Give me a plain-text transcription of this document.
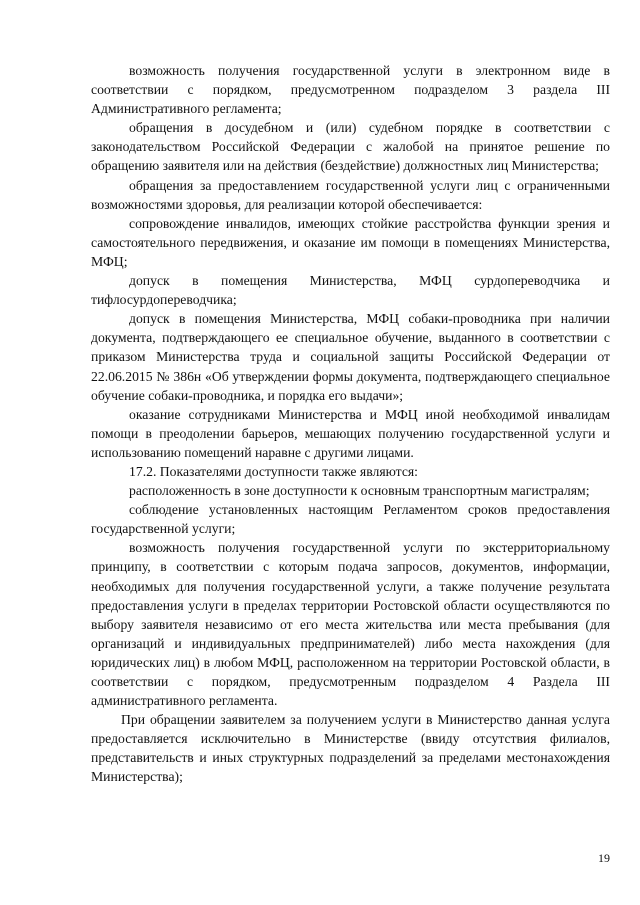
возможность получения государственной услуги в электронном виде в соответствии с порядком, предусмотренном подразделом 3 раздела III Административного регламента;

обращения в досудебном и (или) судебном порядке в соответствии с законодательством Российской Федерации с жалобой на принятое решение по обращению заявителя или на действия (бездействие) должностных лиц Министерства;

обращения за предоставлением государственной услуги лиц с ограниченными возможностями здоровья, для реализации которой обеспечивается:

сопровождение инвалидов, имеющих стойкие расстройства функции зрения и самостоятельного передвижения, и оказание им помощи в помещениях Министерства, МФЦ;

допуск в помещения Министерства, МФЦ сурдопереводчика и тифлосурдопереводчика;

допуск в помещения Министерства, МФЦ собаки-проводника при наличии документа, подтверждающего ее специальное обучение, выданного в соответствии с приказом Министерства труда и социальной защиты Российской Федерации от 22.06.2015 № 386н «Об утверждении формы документа, подтверждающего специальное обучение собаки-проводника, и порядка его выдачи»;

оказание сотрудниками Министерства и МФЦ иной необходимой инвалидам помощи в преодолении барьеров, мешающих получению государственной услуги и использованию помещений наравне с другими лицами.

17.2. Показателями доступности также являются:

расположенность в зоне доступности к основным транспортным магистралям;

соблюдение установленных настоящим Регламентом сроков предоставления государственной услуги;

возможность получения государственной услуги по экстерриториальному принципу, в соответствии с которым подача запросов, документов, информации, необходимых для получения государственной услуги, а также получение результата предоставления услуги в пределах территории Ростовской области осуществляются по выбору заявителя независимо от его места жительства или места пребывания (для организаций и индивидуальных предпринимателей) либо места нахождения (для юридических лиц) в любом МФЦ, расположенном на территории Ростовской области, в соответствии с порядком, предусмотренным подразделом 4 Раздела III административного регламента.

При обращении заявителем за получением услуги в Министерство данная услуга предоставляется исключительно в Министерстве (ввиду отсутствия филиалов, представительств и иных структурных подразделений за пределами местонахождения Министерства);

19
